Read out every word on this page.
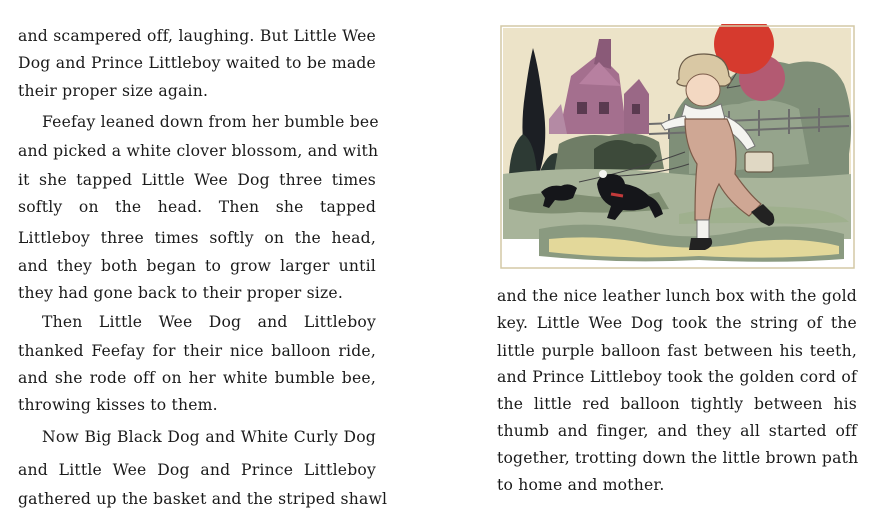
and scampered off, laughing. But Little Wee
Dog and Prince Littleboy waited to be made
their proper size again.
Feefay leaned down from her bumble bee
and picked a white clover blossom, and with
it she tapped Little Wee Dog three times
softly on the head. Then she tapped
Littleboy three times softly on the head,
and they both began to grow larger until
they had gone back to their proper size.
Then Little Wee Dog and Littleboy
thanked Feefay for their nice balloon ride,
and she rode off on her white bumble bee,
throwing kisses to them.
Now Big Black Dog and White Curly Dog
and Little Wee Dog and Prince Littleboy
gathered up the basket and the striped shawl
and the nice leather lunch box with the gold
key. Little Wee Dog took the string of the
little purple balloon fast between his teeth,
and Prince Littleboy took the golden cord of
the little red balloon tightly between his
thumb and finger, and they all started off
together, trotting down the little brown path
to home and mother.
